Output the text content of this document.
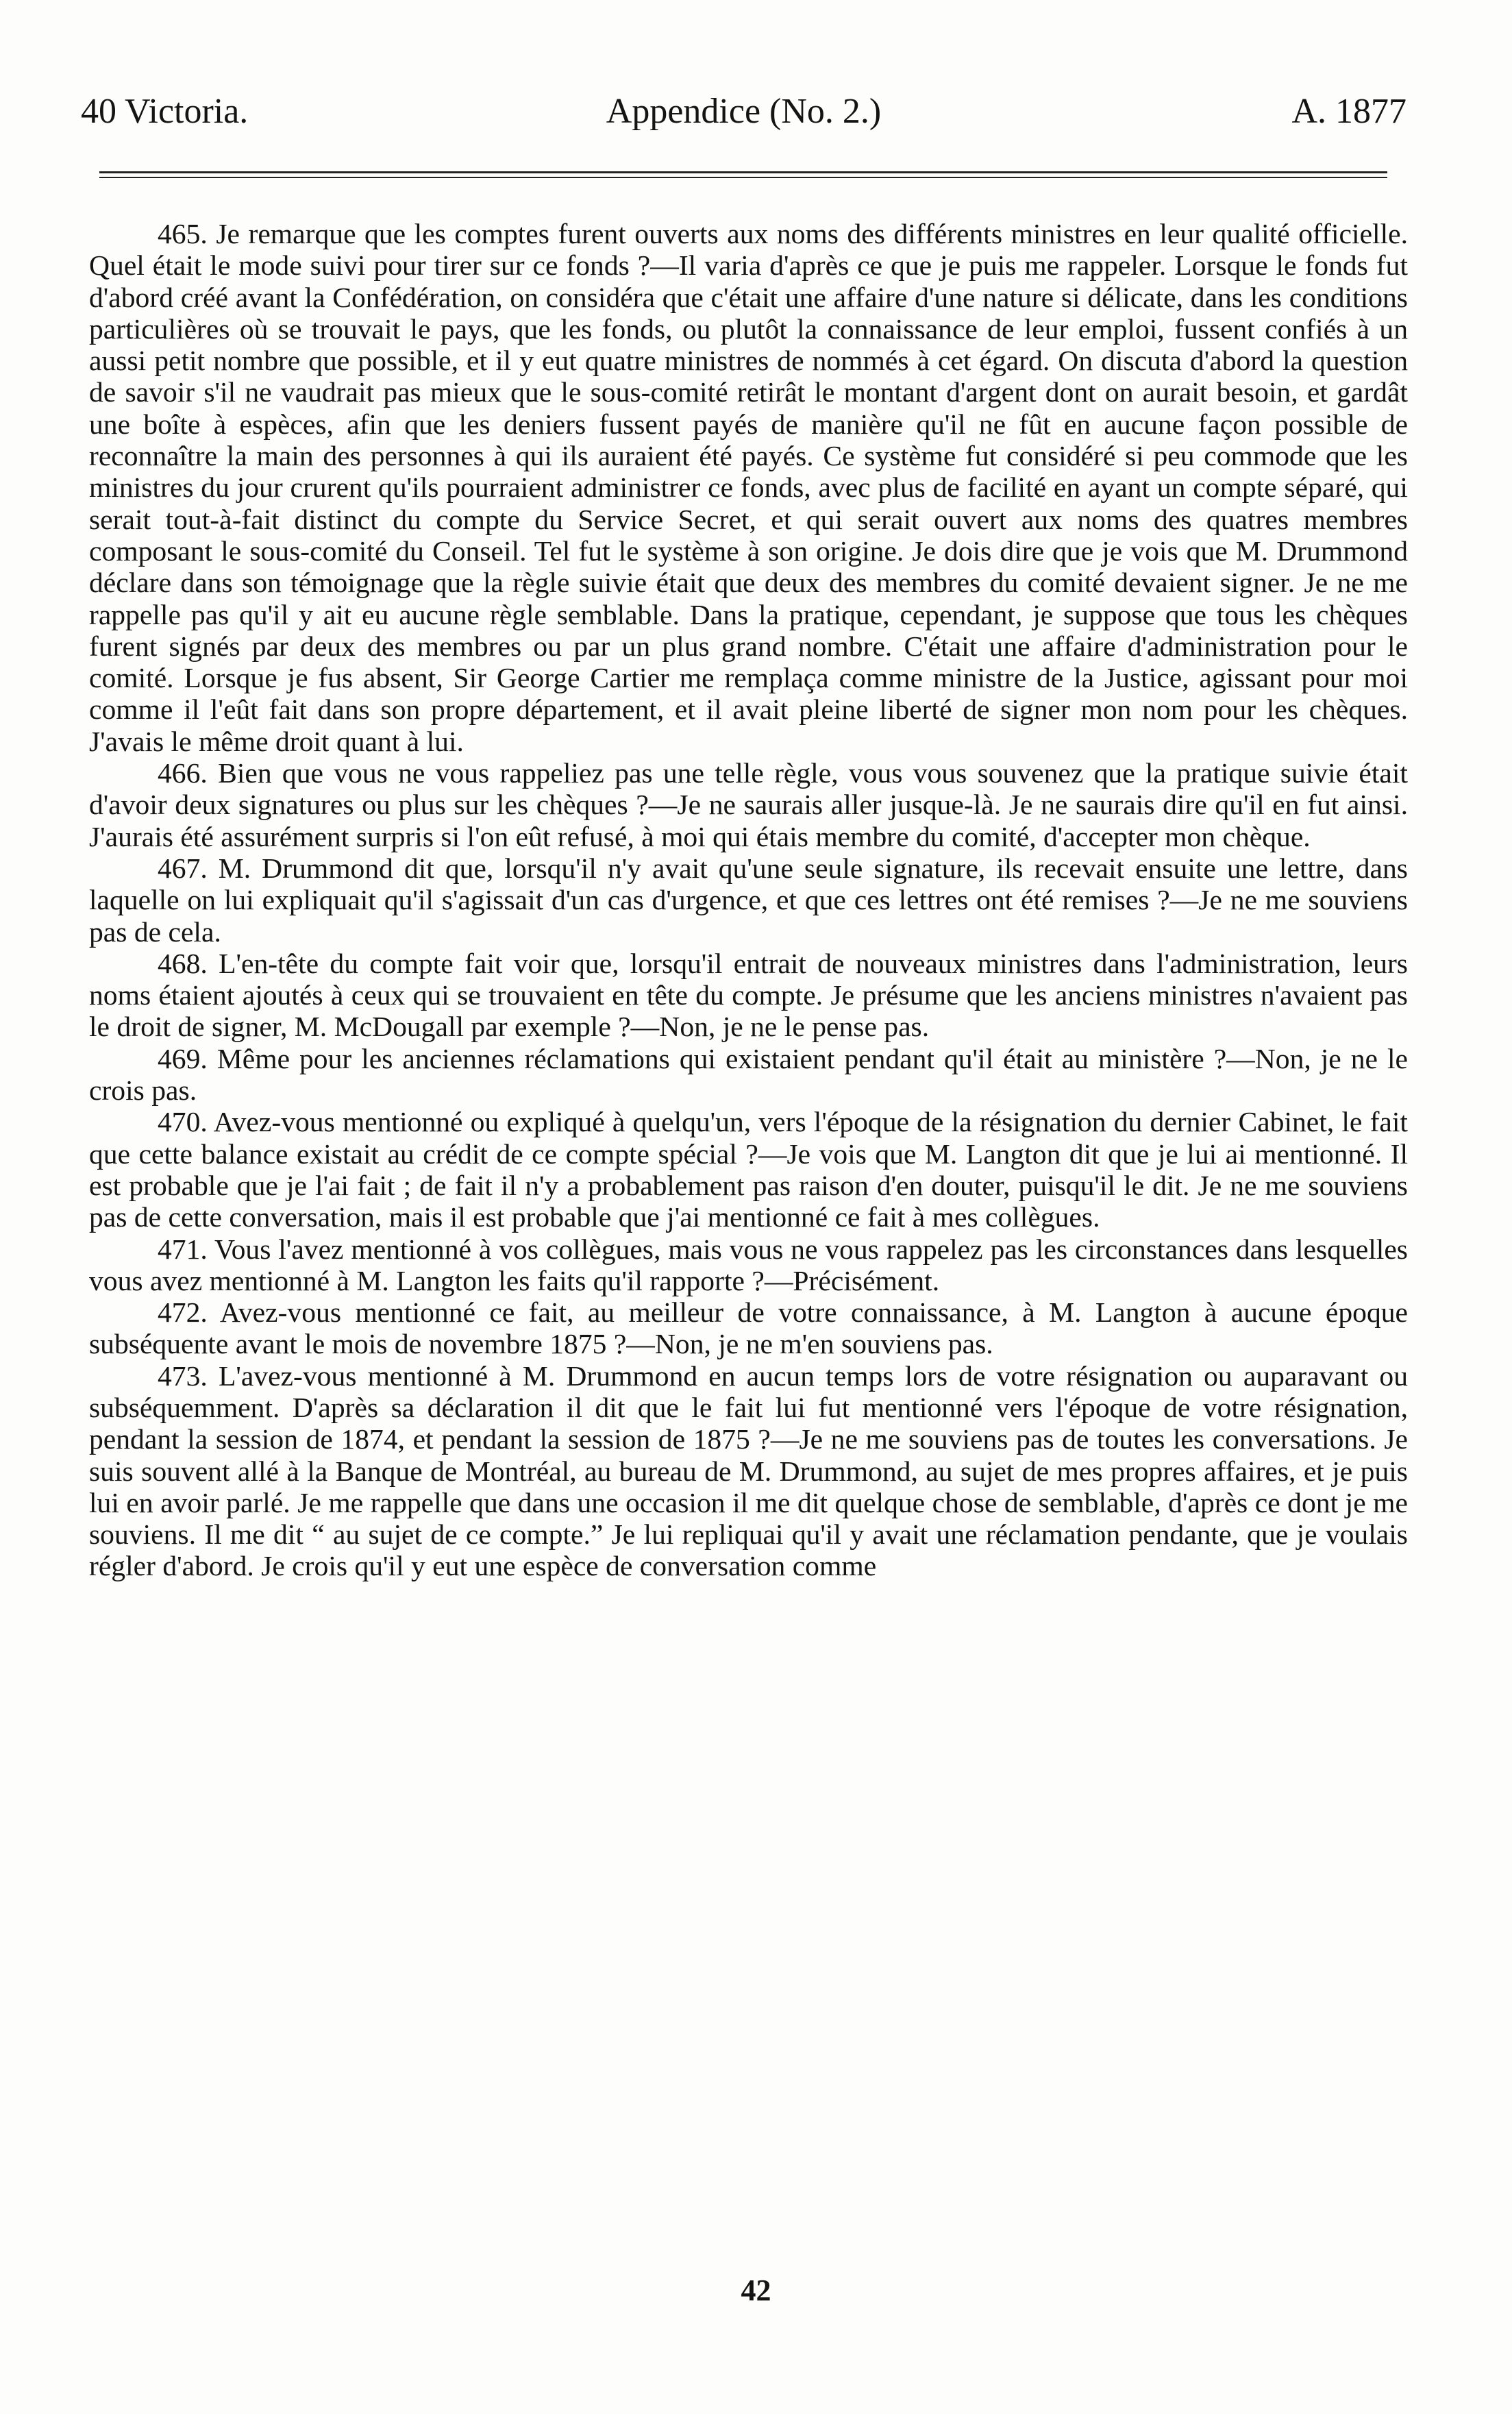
40 Victoria.	Appendice (No. 2.)	A. 1877

465. Je remarque que les comptes furent ouverts aux noms des différents ministres en leur qualité officielle. Quel était le mode suivi pour tirer sur ce fonds ?—Il varia d'après ce que je puis me rappeler. Lorsque le fonds fut d'abord créé avant la Confédération, on considéra que c'était une affaire d'une nature si délicate, dans les conditions particulières où se trouvait le pays, que les fonds, ou plutôt la connaissance de leur emploi, fussent confiés à un aussi petit nombre que possible, et il y eut quatre ministres de nommés à cet égard. On discuta d'abord la question de savoir s'il ne vaudrait pas mieux que le sous-comité retirât le montant d'argent dont on aurait besoin, et gardât une boîte à espèces, afin que les deniers fussent payés de manière qu'il ne fût en aucune façon possible de reconnaître la main des personnes à qui ils auraient été payés. Ce système fut considéré si peu commode que les ministres du jour crurent qu'ils pourraient administrer ce fonds, avec plus de facilité en ayant un compte séparé, qui serait tout-à-fait distinct du compte du Service Secret, et qui serait ouvert aux noms des quatres membres composant le sous-comité du Conseil. Tel fut le système à son origine. Je dois dire que je vois que M. Drummond déclare dans son témoignage que la règle suivie était que deux des membres du comité devaient signer. Je ne me rappelle pas qu'il y ait eu aucune règle semblable. Dans la pratique, cependant, je suppose que tous les chèques furent signés par deux des membres ou par un plus grand nombre. C'était une affaire d'administration pour le comité. Lorsque je fus absent, Sir George Cartier me remplaça comme ministre de la Justice, agissant pour moi comme il l'eût fait dans son propre département, et il avait pleine liberté de signer mon nom pour les chèques. J'avais le même droit quant à lui.

466. Bien que vous ne vous rappeliez pas une telle règle, vous vous souvenez que la pratique suivie était d'avoir deux signatures ou plus sur les chèques ?—Je ne saurais aller jusque-là. Je ne saurais dire qu'il en fut ainsi. J'aurais été assurément surpris si l'on eût refusé, à moi qui étais membre du comité, d'accepter mon chèque.

467. M. Drummond dit que, lorsqu'il n'y avait qu'une seule signature, ils recevait ensuite une lettre, dans laquelle on lui expliquait qu'il s'agissait d'un cas d'urgence, et que ces lettres ont été remises ?—Je ne me souviens pas de cela.

468. L'en-tête du compte fait voir que, lorsqu'il entrait de nouveaux ministres dans l'administration, leurs noms étaient ajoutés à ceux qui se trouvaient en tête du compte. Je présume que les anciens ministres n'avaient pas le droit de signer, M. McDougall par exemple ?—Non, je ne le pense pas.

469. Même pour les anciennes réclamations qui existaient pendant qu'il était au ministère ?—Non, je ne le crois pas.

470. Avez-vous mentionné ou expliqué à quelqu'un, vers l'époque de la résignation du dernier Cabinet, le fait que cette balance existait au crédit de ce compte spécial ?—Je vois que M. Langton dit que je lui ai mentionné. Il est probable que je l'ai fait ; de fait il n'y a probablement pas raison d'en douter, puisqu'il le dit. Je ne me souviens pas de cette conversation, mais il est probable que j'ai mentionné ce fait à mes collègues.

471. Vous l'avez mentionné à vos collègues, mais vous ne vous rappelez pas les circonstances dans lesquelles vous avez mentionné à M. Langton les faits qu'il rapporte ?—Précisément.

472. Avez-vous mentionné ce fait, au meilleur de votre connaissance, à M. Langton à aucune époque subséquente avant le mois de novembre 1875 ?—Non, je ne m'en souviens pas.

473. L'avez-vous mentionné à M. Drummond en aucun temps lors de votre résignation ou auparavant ou subséquemment. D'après sa déclaration il dit que le fait lui fut mentionné vers l'époque de votre résignation, pendant la session de 1874, et pendant la session de 1875 ?—Je ne me souviens pas de toutes les conversations. Je suis souvent allé à la Banque de Montréal, au bureau de M. Drummond, au sujet de mes propres affaires, et je puis lui en avoir parlé. Je me rappelle que dans une occasion il me dit quelque chose de semblable, d'après ce dont je me souviens. Il me dit “ au sujet de ce compte.” Je lui repliquai qu'il y avait une réclamation pendante, que je voulais régler d'abord. Je crois qu'il y eut une espèce de conversation comme

42
